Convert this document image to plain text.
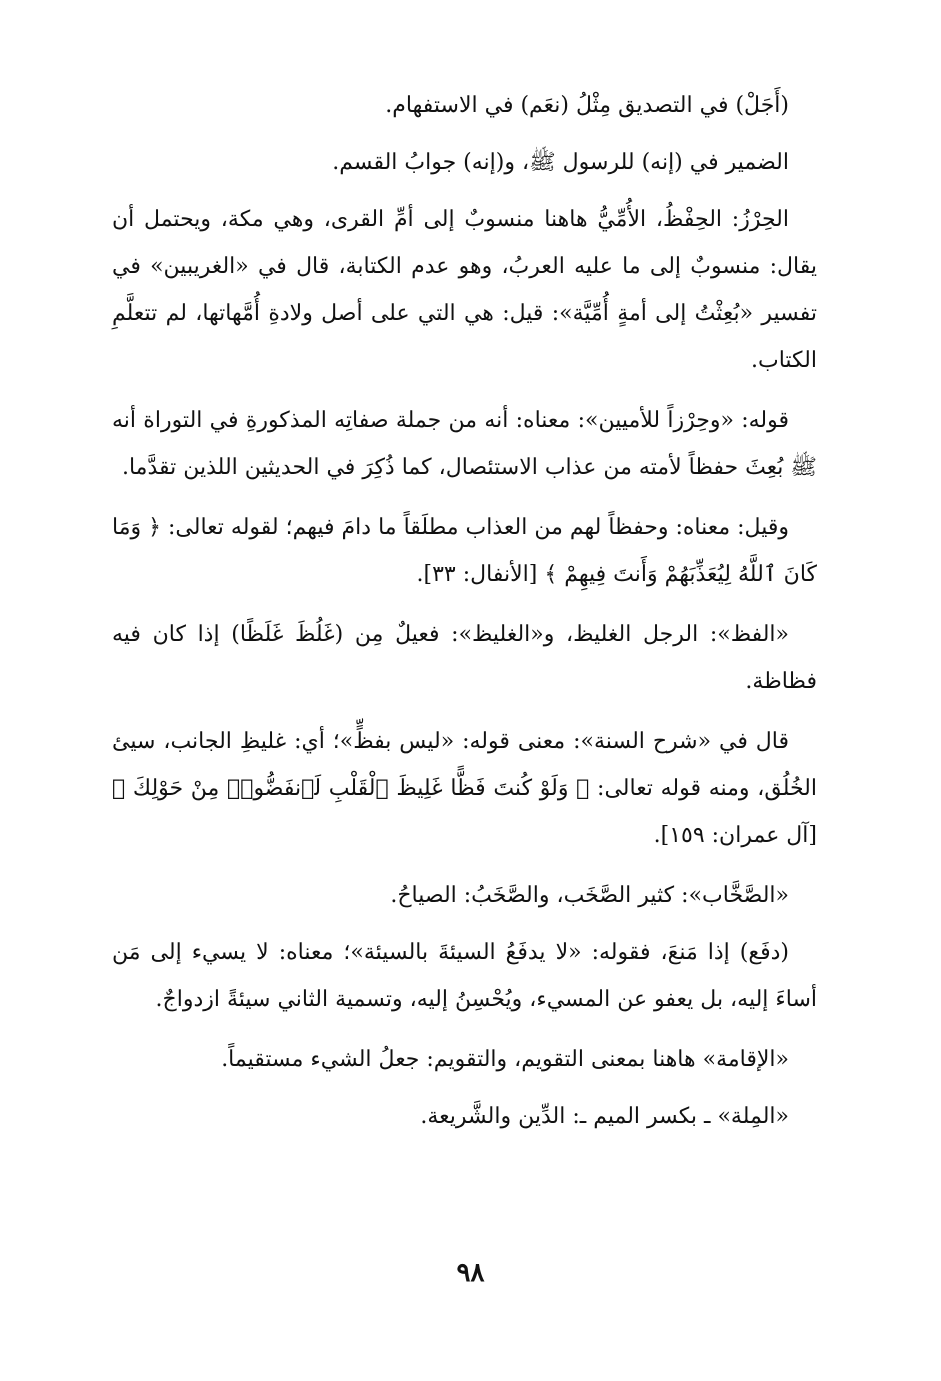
(أَجَلْ) في التصديق مِثْلُ (نعَم) في الاستفهام.

الضمير في (إنه) للرسول ﷺ، و(إنه) جوابُ القسم.

الحِرْزُ: الحِفْظُ، الأُمِّيُّ هاهنا منسوبٌ إلى أمِّ القرى، وهي مكة، ويحتمل أن يقال: منسوبٌ إلى ما عليه العربُ، وهو عدم الكتابة، قال في «الغريبين» في تفسير «بُعِثْتُ إلى أمةٍ أُمِّيَّة»: قيل: هي التي على أصل ولادةِ أُمَّهاتها، لم تتعلَّمِ الكتاب.

قوله: «وحِرْزاً للأميين»: معناه: أنه من جملة صفاتِه المذكورةِ في التوراة أنه ﷺ بُعِثَ حفظاً لأمته من عذاب الاستئصال، كما ذُكِرَ في الحديثين اللذين تقدَّما.

وقيل: معناه: وحفظاً لهم من العذاب مطلَقاً ما دامَ فيهم؛ لقوله تعالى: ﴿ وَمَا كَانَ ٱللَّهُ لِيُعَذِّبَهُمْ وَأَنتَ فِيهِمْ ﴾ [الأنفال: ٣٣].

«الفظ»: الرجل الغليظ، و«الغليظ»: فعيلٌ مِن (غَلُظَ غَلَظًا) إذا كان فيه فظاظة.

قال في «شرح السنة»: معنى قوله: «ليس بفظٍّ»؛ أي: غليظِ الجانب، سيئ الخُلُق، ومنه قوله تعالى: ﴿ وَلَوْ كُنتَ فَظًّا غَلِيظَ ٱلْقَلْبِ لَٱنفَضُّوا۟ مِنْ حَوْلِكَ ﴾ [آل عمران: ١٥٩].

«الصَّخَّاب»: كثير الصَّخَب، والصَّخَبُ: الصياحُ.

(دفَع) إذا مَنعَ، فقوله: «لا يدفَعُ السيئةَ بالسيئة»؛ معناه: لا يسيء إلى مَن أساءَ إليه، بل يعفو عن المسيء، ويُحْسِنُ إليه، وتسمية الثاني سيئةً ازدواجٌ.

«الإقامة» هاهنا بمعنى التقويم، والتقويم: جعلُ الشيء مستقيماً.

«المِلة» ـ بكسر الميم ـ: الدِّين والشَّريعة.

٩٨
